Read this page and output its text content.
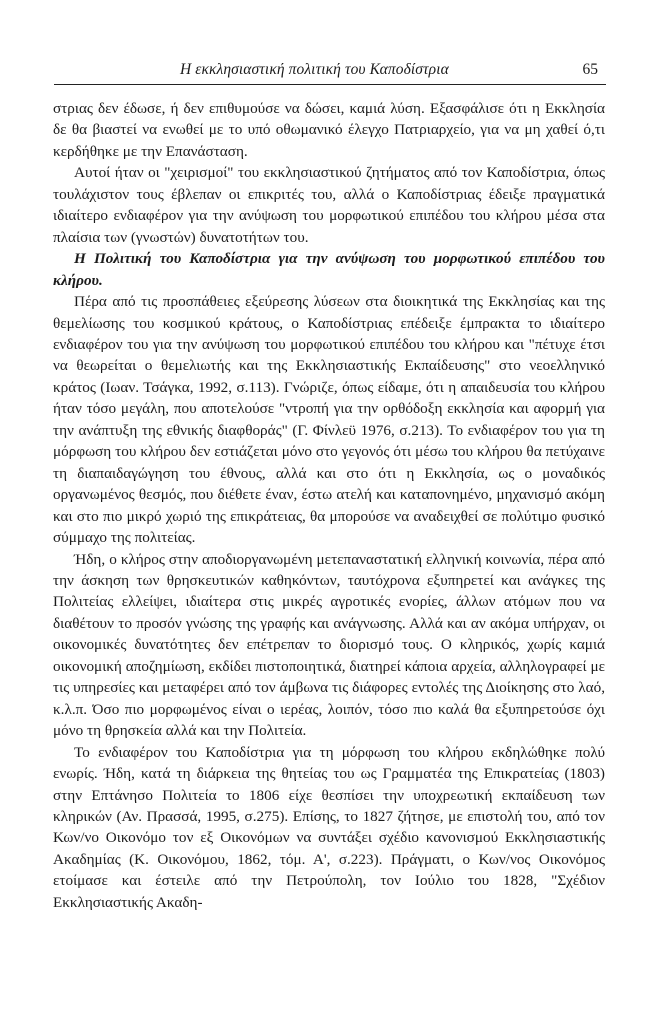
Η εκκλησιαστική πολιτική του Καποδίστρια	65

στριας δεν έδωσε, ή δεν επιθυμούσε να δώσει, καμιά λύση. Εξασφάλισε ότι η Εκκλησία δε θα βιαστεί να ενωθεί με το υπό οθωμανικό έλεγχο Πατριαρχείο, για να μη χαθεί ό,τι κερδήθηκε με την Επανάσταση.

Αυτοί ήταν οι "χειρισμοί" του εκκλησιαστικού ζητήματος από τον Καποδίστρια, όπως τουλάχιστον τους έβλεπαν οι επικριτές του, αλλά ο Καποδίστριας έδειξε πραγματικά ιδιαίτερο ενδιαφέρον για την ανύψωση του μορφωτικού επιπέδου του κλήρου μέσα στα πλαίσια των (γνωστών) δυνατοτήτων του.

Η Πολιτική του Καποδίστρια για την ανύψωση του μορφωτικού επιπέδου του κλήρου.

Πέρα από τις προσπάθειες εξεύρεσης λύσεων στα διοικητικά της Εκκλησίας και της θεμελίωσης του κοσμικού κράτους, ο Καποδίστριας επέδειξε έμπρακτα το ιδιαίτερο ενδιαφέρον του για την ανύψωση του μορφωτικού επιπέδου του κλήρου και "πέτυχε έτσι να θεωρείται ο θεμελιωτής και της Εκκλησιαστικής Εκπαίδευσης" στο νεοελληνικό κράτος (Ιωαν. Τσάγκα, 1992, σ.113). Γνώριζε, όπως είδαμε, ότι η απαιδευσία του κλήρου ήταν τόσο μεγάλη, που αποτελούσε "ντροπή για την ορθόδοξη εκκλησία και αφορμή για την ανάπτυξη της εθνικής διαφθοράς" (Γ. Φίνλεϋ 1976, σ.213). Το ενδιαφέρον του για τη μόρφωση του κλήρου δεν εστιάζεται μόνο στο γεγονός ότι μέσω του κλήρου θα πετύχαινε τη διαπαιδαγώγηση του έθνους, αλλά και στο ότι η Εκκλησία, ως ο μοναδικός οργανωμένος θεσμός, που διέθετε έναν, έστω ατελή και καταπονημένο, μηχανισμό ακόμη και στο πιο μικρό χωριό της επικράτειας, θα μπορούσε να αναδειχθεί σε πολύτιμο φυσικό σύμμαχο της πολιτείας.

Ήδη, ο κλήρος στην αποδιοργανωμένη μετεπαναστατική ελληνική κοινωνία, πέρα από την άσκηση των θρησκευτικών καθηκόντων, ταυτόχρονα εξυπηρετεί και ανάγκες της Πολιτείας ελλείψει, ιδιαίτερα στις μικρές αγροτικές ενορίες, άλλων ατόμων που να διαθέτουν το προσόν γνώσης της γραφής και ανάγνωσης. Αλλά και αν ακόμα υπήρχαν, οι οικονομικές δυνατότητες δεν επέτρεπαν το διορισμό τους. Ο κληρικός, χωρίς καμιά οικονομική αποζημίωση, εκδίδει πιστοποιητικά, διατηρεί κάποια αρχεία, αλληλογραφεί με τις υπηρεσίες και μεταφέρει από τον άμβωνα τις διάφορες εντολές της Διοίκησης στο λαό, κ.λ.π. Όσο πιο μορφωμένος είναι ο ιερέας, λοιπόν, τόσο πιο καλά θα εξυπηρετούσε όχι μόνο τη θρησκεία αλλά και την Πολιτεία.

Το ενδιαφέρον του Καποδίστρια για τη μόρφωση του κλήρου εκδηλώθηκε πολύ ενωρίς. Ήδη, κατά τη διάρκεια της θητείας του ως Γραμματέα της Επικρατείας (1803) στην Επτάνησο Πολιτεία το 1806 είχε θεσπίσει την υποχρεωτική εκπαίδευση των κληρικών (Αν. Πρασσά, 1995, σ.275). Επίσης, το 1827 ζήτησε, με επιστολή του, από τον Κων/νο Οικονόμο τον εξ Οικονόμων να συντάξει σχέδιο κανονισμού Εκκλησιαστικής Ακαδημίας (Κ. Οικονόμου, 1862, τόμ. Α', σ.223). Πράγματι, ο Κων/νος Οικονόμος ετοίμασε και έστειλε από την Πετρούπολη, τον Ιούλιο του 1828, "Σχέδιον Εκκλησιαστικής Ακαδη-
